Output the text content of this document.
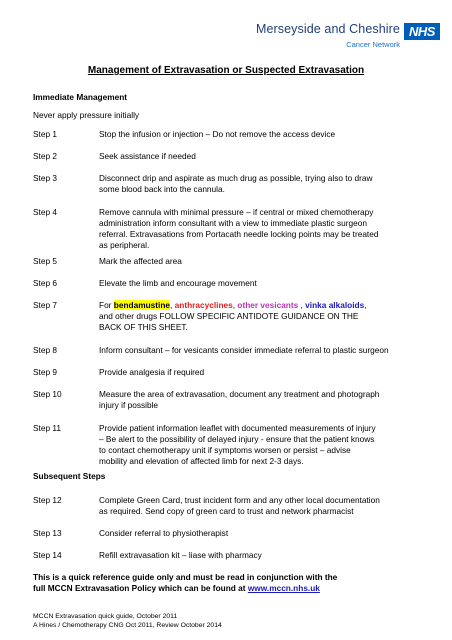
Merseyside and Cheshire
Cancer Network
NHS
Management of Extravasation or Suspected Extravasation
Immediate Management
Never apply pressure initially
Step 1	Stop the infusion or injection – Do not remove the access device
Step 2	Seek assistance if needed
Step 3	Disconnect drip and aspirate as much drug as possible, trying also to draw
some blood back into the cannula.
Step 4	Remove cannula with minimal pressure – if central or mixed chemotherapy
administration inform consultant with a view to immediate plastic surgeon
referral. Extravasations from Portacath needle locking points may be treated
as peripheral.
Step 5	Mark the affected area
Step 6	Elevate the limb and encourage movement
Step 7	For bendamustine, anthracyclines, other vesicants , vinka alkaloids,
and other drugs FOLLOW SPECIFIC ANTIDOTE GUIDANCE ON THE
BACK OF THIS SHEET.
Step 8	Inform consultant – for vesicants consider immediate referral to plastic surgeon
Step 9	Provide analgesia if required
Step 10	Measure the area of extravasation, document any treatment and photograph
injury if possible
Step 11	Provide patient information leaflet with documented measurements of injury
– Be alert to the possibility of delayed injury - ensure that the patient knows
to contact chemotherapy unit if symptoms worsen or persist – advise
mobility and elevation of affected limb for next 2-3 days.
Subsequent Steps
Step 12	Complete Green Card, trust incident form and any other local documentation
as required. Send copy of green card to trust and network pharmacist
Step 13	Consider referral to physiotherapist
Step 14	Refill extravasation kit – liase with pharmacy
This is a quick reference guide only and must be read in conjunction with the
full MCCN Extravasation Policy which can be found at www.mccn.nhs.uk
MCCN Extravasation quick guide, October 2011
A Hines / Chemotherapy CNG Oct 2011, Review October 2014
